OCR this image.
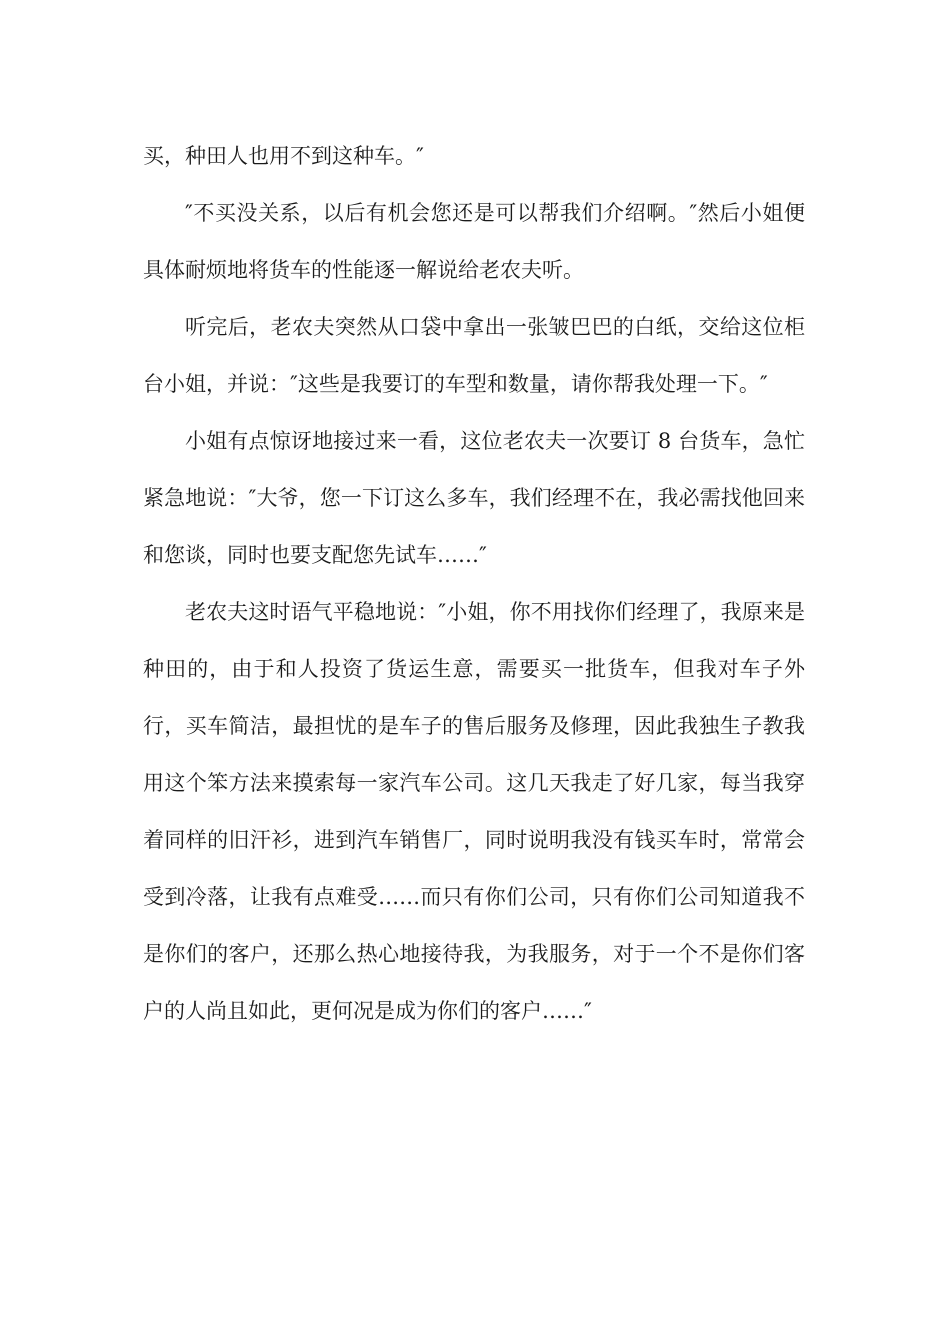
买，种田人也用不到这种车。″

″不买没关系，以后有机会您还是可以帮我们介绍啊。″然后小姐便具体耐烦地将货车的性能逐一解说给老农夫听。

听完后，老农夫突然从口袋中拿出一张皱巴巴的白纸，交给这位柜台小姐，并说：″这些是我要订的车型和数量，请你帮我处理一下。″

小姐有点惊讶地接过来一看，这位老农夫一次要订 8 台货车，急忙紧急地说：″大爷，您一下订这么多车，我们经理不在，我必需找他回来和您谈，同时也要支配您先试车……″

老农夫这时语气平稳地说：″小姐，你不用找你们经理了，我原来是种田的，由于和人投资了货运生意，需要买一批货车，但我对车子外行，买车简洁，最担忧的是车子的售后服务及修理，因此我独生子教我用这个笨方法来摸索每一家汽车公司。这几天我走了好几家，每当我穿着同样的旧汗衫，进到汽车销售厂，同时说明我没有钱买车时，常常会受到冷落，让我有点难受……而只有你们公司，只有你们公司知道我不是你们的客户，还那么热心地接待我，为我服务，对于一个不是你们客户的人尚且如此，更何况是成为你们的客户……″
